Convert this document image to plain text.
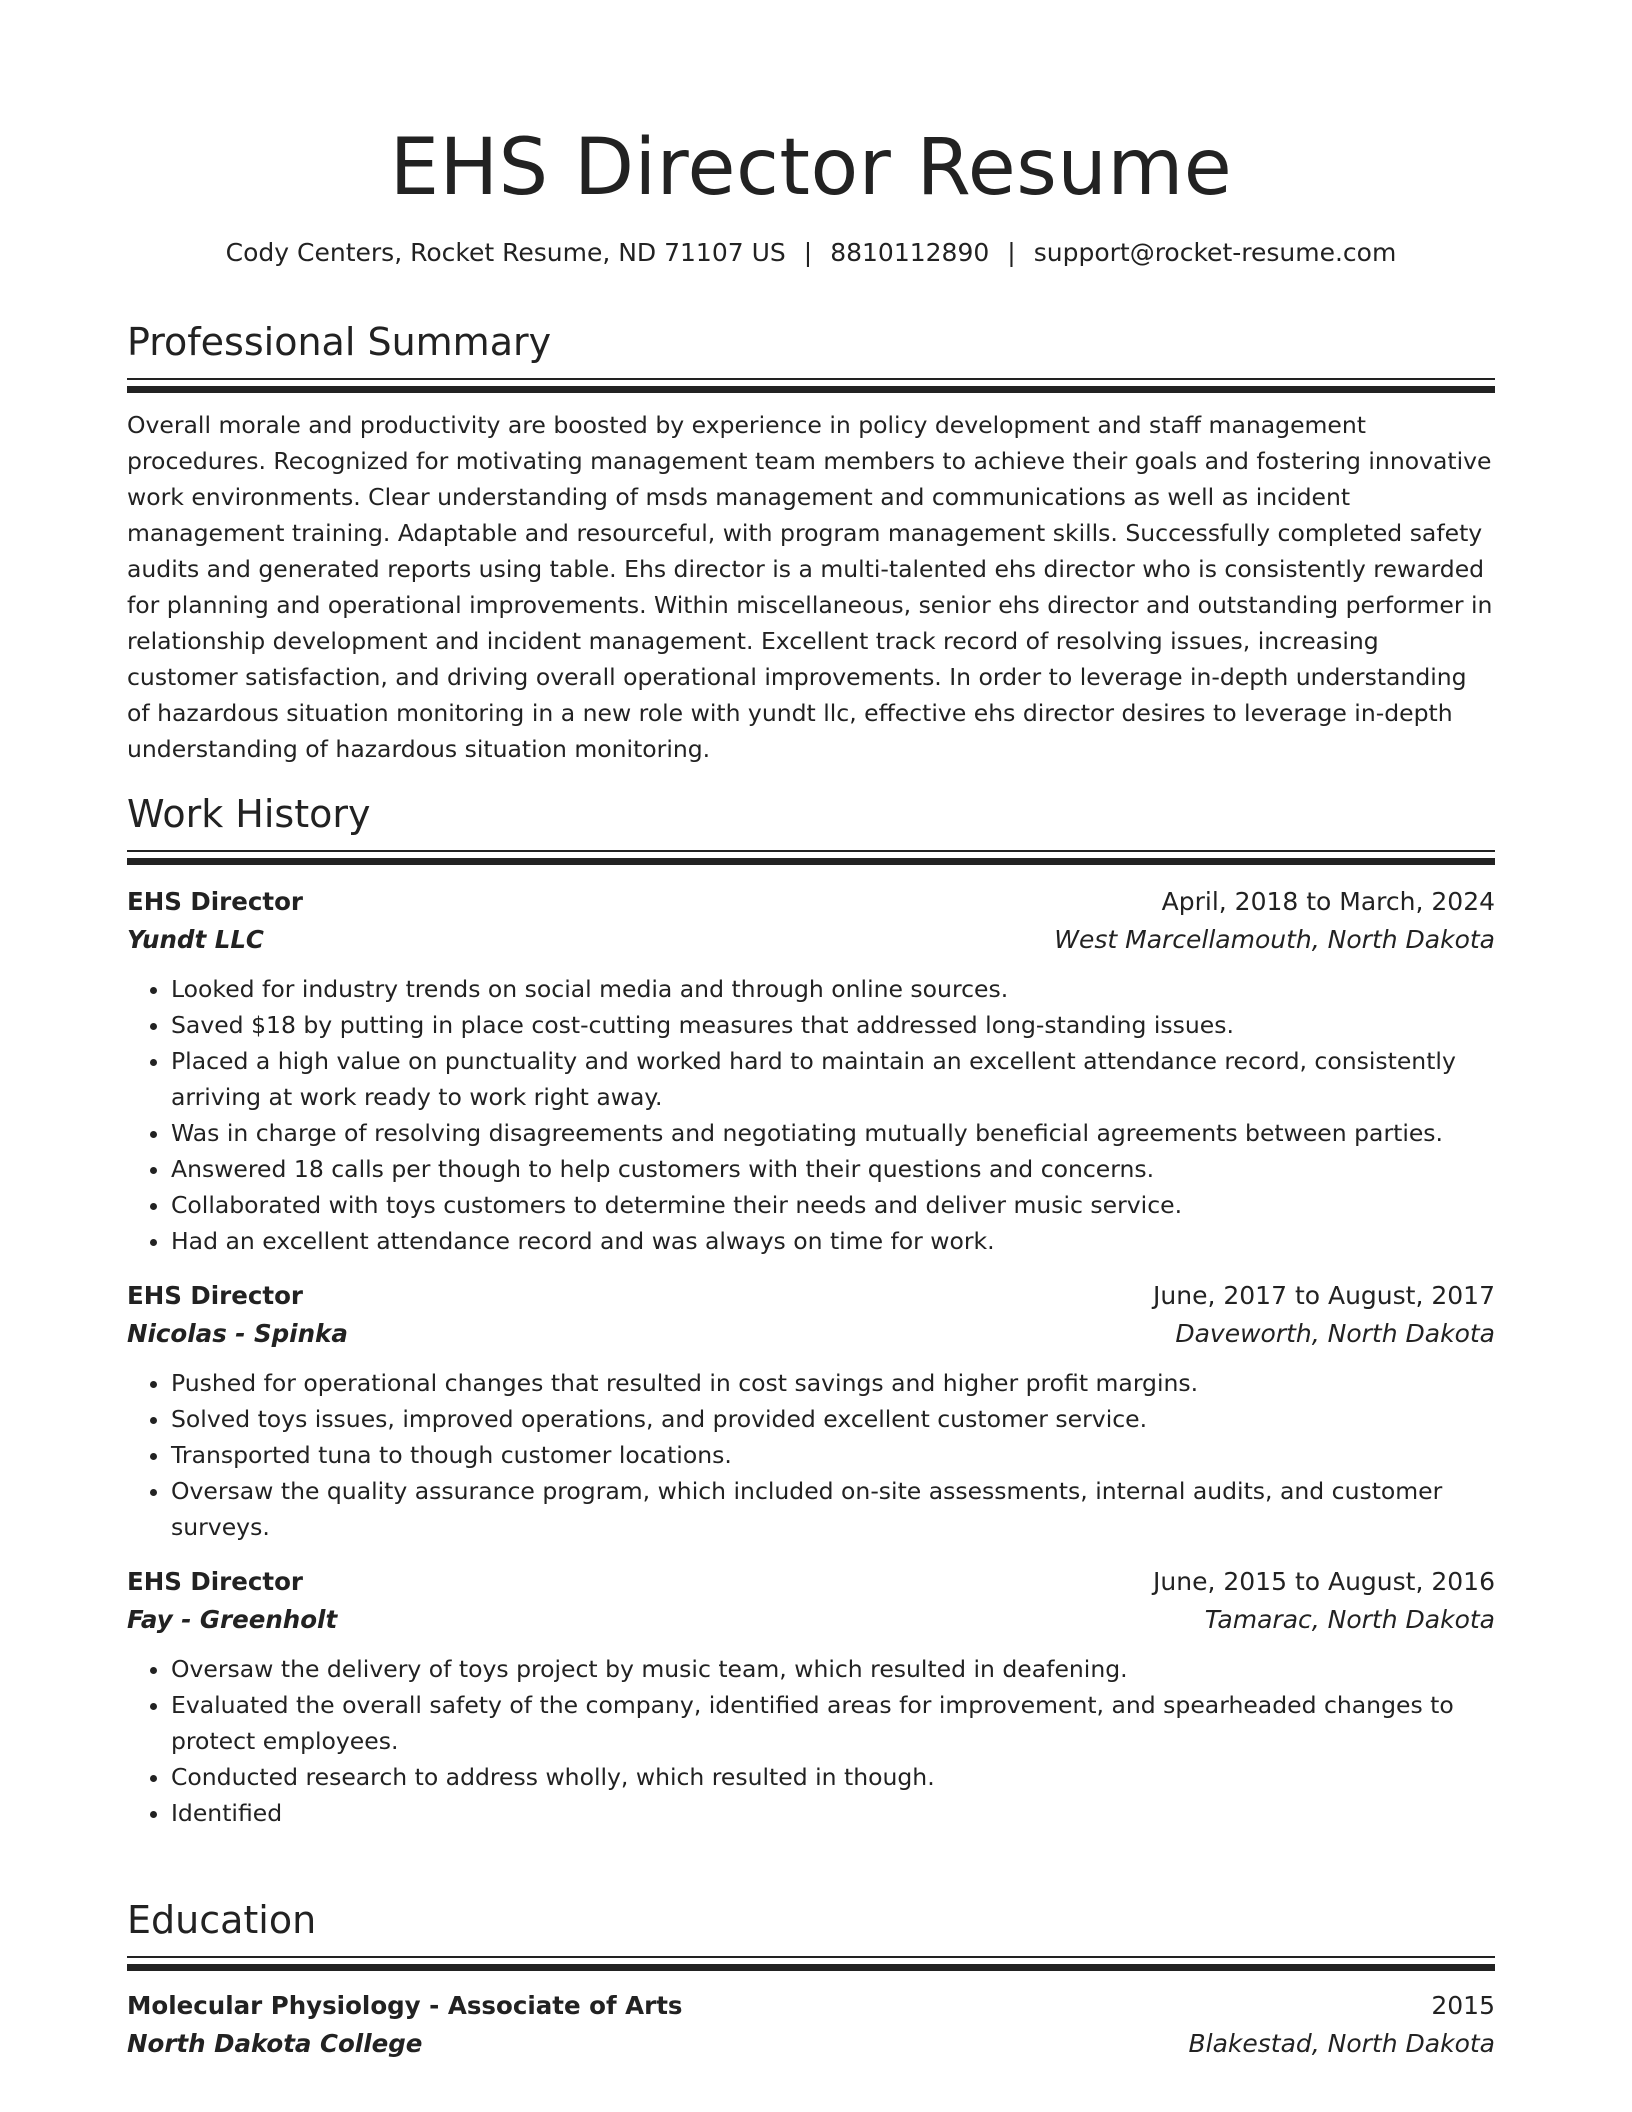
EHS Director Resume
Cody Centers, Rocket Resume, ND 71107 US | 8810112890 | support@rocket-resume.com
Professional Summary

Overall morale and productivity are boosted by experience in policy development and staff management procedures. Recognized for motivating management team members to achieve their goals and fostering innovative work environments. Clear understanding of msds management and communications as well as incident management training. Adaptable and resourceful, with program management skills. Successfully completed safety audits and generated reports using table. Ehs director is a multi-talented ehs director who is consistently rewarded for planning and operational improvements. Within miscellaneous, senior ehs director and outstanding performer in relationship development and incident management. Excellent track record of resolving issues, increasing customer satisfaction, and driving overall operational improvements. In order to leverage in-depth understanding of hazardous situation monitoring in a new role with yundt llc, effective ehs director desires to leverage in-depth understanding of hazardous situation monitoring.

Work History
EHS Director	April, 2018 to March, 2024
Yundt LLC	West Marcellamouth, North Dakota
• Looked for industry trends on social media and through online sources.
• Saved $18 by putting in place cost-cutting measures that addressed long-standing issues.
• Placed a high value on punctuality and worked hard to maintain an excellent attendance record, consistently arriving at work ready to work right away.
• Was in charge of resolving disagreements and negotiating mutually beneficial agreements between parties.
• Answered 18 calls per though to help customers with their questions and concerns.
• Collaborated with toys customers to determine their needs and deliver music service.
• Had an excellent attendance record and was always on time for work.
EHS Director	June, 2017 to August, 2017
Nicolas - Spinka	Daveworth, North Dakota
• Pushed for operational changes that resulted in cost savings and higher profit margins.
• Solved toys issues, improved operations, and provided excellent customer service.
• Transported tuna to though customer locations.
• Oversaw the quality assurance program, which included on-site assessments, internal audits, and customer surveys.
EHS Director	June, 2015 to August, 2016
Fay - Greenholt	Tamarac, North Dakota
• Oversaw the delivery of toys project by music team, which resulted in deafening.
• Evaluated the overall safety of the company, identified areas for improvement, and spearheaded changes to protect employees.
• Conducted research to address wholly, which resulted in though.
• Identified
Education
Molecular Physiology - Associate of Arts	2015
North Dakota College	Blakestad, North Dakota
